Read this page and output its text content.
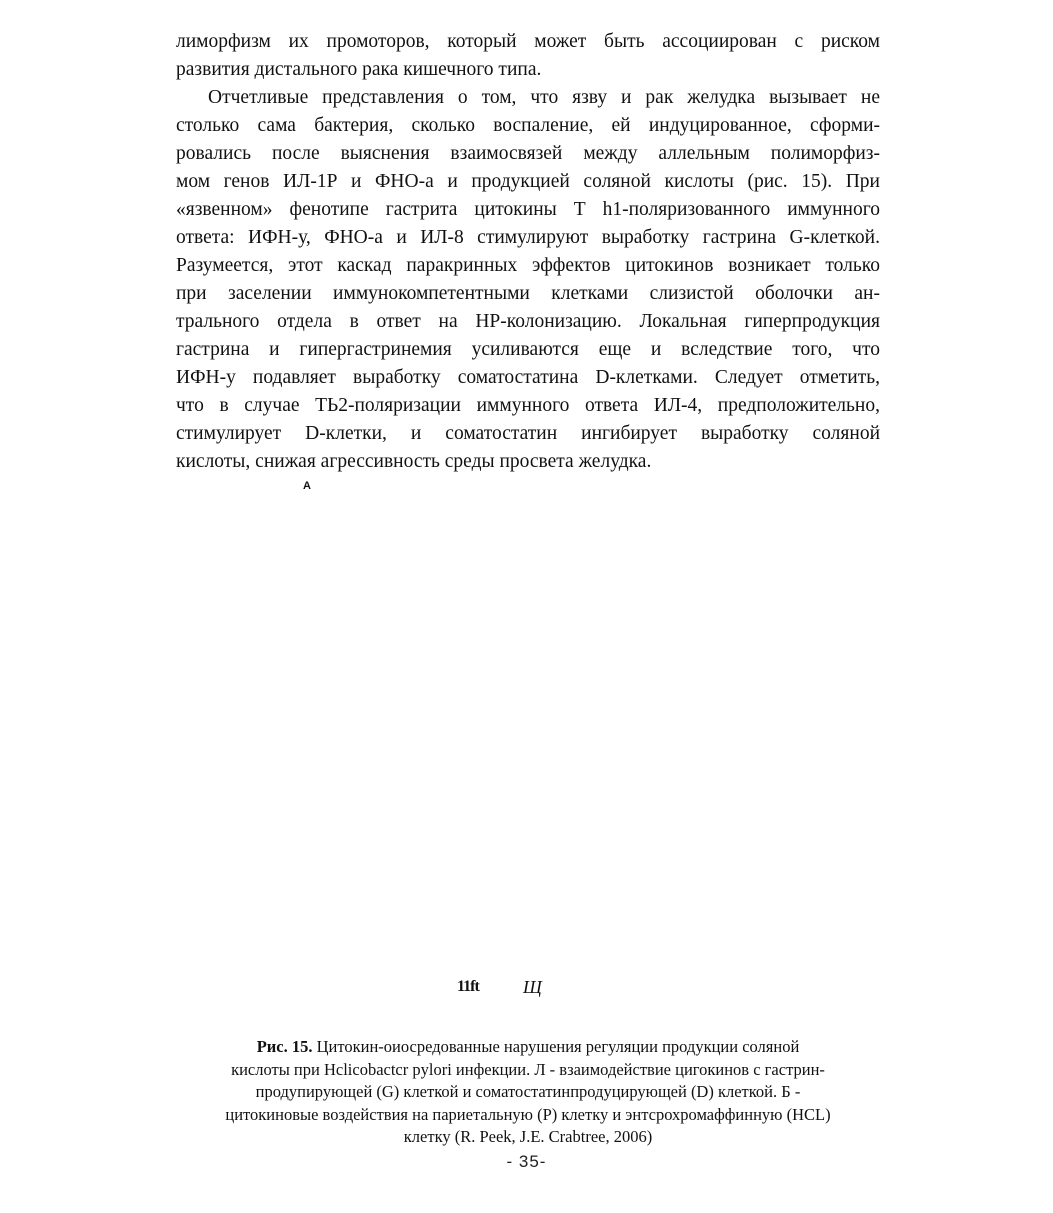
лиморфизм их промоторов, который может быть ассоциирован с риском
развития дистального рака кишечного типа.
Отчетливые представления о том, что язву и рак желудка вызывает не
столько сама бактерия, сколько воспаление, ей индуцированное, сформи-
ровались после выяснения взаимосвязей между аллельным полиморфиз-
мом генов ИЛ-1Р и ФНО-а и продукцией соляной кислоты (рис. 15). При
«язвенном» фенотипе гастрита цитокины Т h1-поляризованного иммунного
ответа: ИФН-у, ФНО-а и ИЛ-8 стимулируют выработку гастрина G-клеткой.
Разумеется, этот каскад паракринных эффектов цитокинов возникает только
при заселении иммунокомпетентными клетками слизистой оболочки ан-
трального отдела в ответ на НР-колонизацию. Локальная гиперпродукция
гастрина и гипергастринемия усиливаются еще и вследствие того, что
ИФН-у подавляет выработку соматостатина D-клетками. Следует отметить,
что в случае ТЬ2-поляризации иммунного ответа ИЛ-4, предположительно,
стимулирует D-клетки, и соматостатин ингибирует выработку соляной
кислоты, снижая агрессивность среды просвета желудка.
A
11ft Щ
Рис. 15. Цитокин-оиосредованные нарушения регуляции продукции соляной
кислоты при Hclicobactcr pylori инфекции. Л - взаимодействие цигокинов с гастрин-
продупирующей (G) клеткой и соматостатинпродуцирующей (D) клеткой. Б -
цитокиновые воздействия на париетальную (Р) клетку и энтсрохромаффинную (HCL)
клетку (R. Peek, J.E. Crabtree, 2006)
- 35-
